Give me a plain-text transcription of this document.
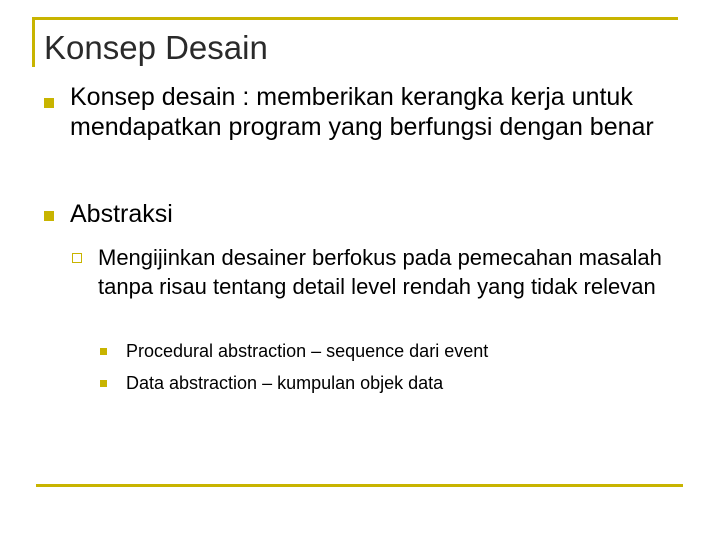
Konsep Desain
Konsep desain : memberikan kerangka kerja untuk mendapatkan program yang berfungsi dengan benar
Abstraksi
Mengijinkan desainer berfokus pada pemecahan masalah tanpa risau tentang detail level rendah yang tidak relevan
Procedural abstraction – sequence dari event
Data abstraction – kumpulan objek data
